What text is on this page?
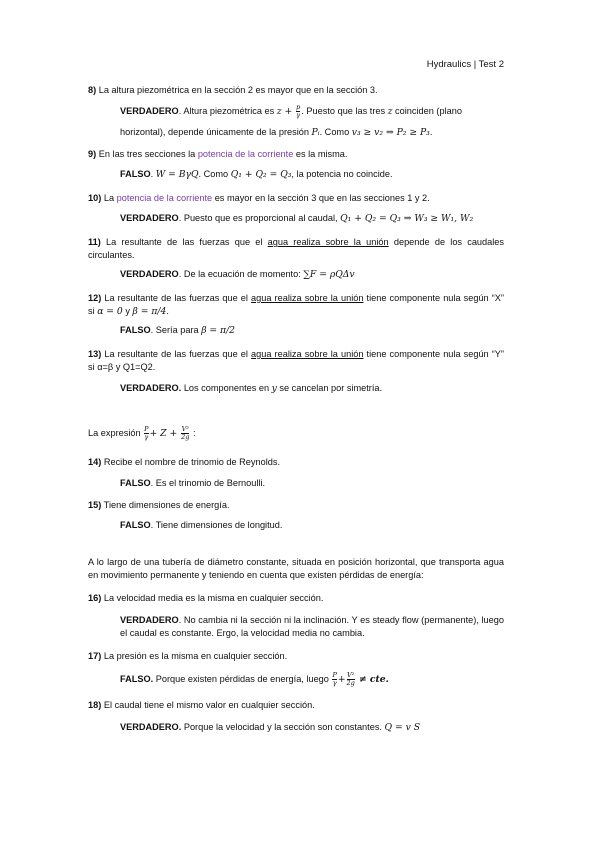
Hydraulics | Test 2
8) La altura piezométrica en la sección 2 es mayor que en la sección 3.
VERDADERO. Altura piezométrica es $z + \frac{p}{\gamma}$ . Puesto que las tres z coinciden (plano
horizontal), depende únicamente de la presión Pᵢ. Como v₃ ≥ v₂ ⇒ P₂ ≥ P₃.
9) En las tres secciones la potencia de la corriente es la misma.
FALSO. W = BγQ. Como Q₁ + Q₂ = Q₃, la potencia no coincide.
10) La potencia de la corriente es mayor en la sección 3 que en las secciones 1 y 2.
VERDADERO. Puesto que es proporcional al caudal, Q₁ + Q₂ = Q₃ ⇒ W₃ ≥ W₁, W₂
11) La resultante de las fuerzas que el agua realiza sobre la unión depende de los caudales circulantes.
VERDADERO. De la ecuación de momento: ∑F = ρQΔv
12) La resultante de las fuerzas que el agua realiza sobre la unión tiene componente nula según “X” si α = 0 y β = π/4.
FALSO. Sería para β = π/2
13) La resultante de las fuerzas que el agua realiza sobre la unión tiene componente nula según “Y” si α=β y Q1=Q2.
VERDADERO. Los componentes en y se cancelan por simetría.
La expresión $\frac{P}{\gamma} + Z + \frac{\text{V²}}{2g}$ :
14) Recibe el nombre de trinomio de Reynolds.
FALSO. Es el trinomio de Bernoulli.
15) Tiene dimensiones de energía.
FALSO. Tiene dimensiones de longitud.
A lo largo de una tubería de diámetro constante, situada en posición horizontal, que transporta agua en movimiento permanente y teniendo en cuenta que existen pérdidas de energía:
16) La velocidad media es la misma en cualquier sección.
VERDADERO. No cambia ni la sección ni la inclinación. Y es steady flow (permanente), luego el caudal es constante. Ergo, la velocidad media no cambia.
17) La presión es la misma en cualquier sección.
FALSO. Porque existen pérdidas de energía, luego $\frac{P}{\gamma} + \frac{\text{V²}}{2g}$ ≠ cte.
18) El caudal tiene el mismo valor en cualquier sección.
VERDADERO. Porque la velocidad y la sección son constantes. Q = v S
